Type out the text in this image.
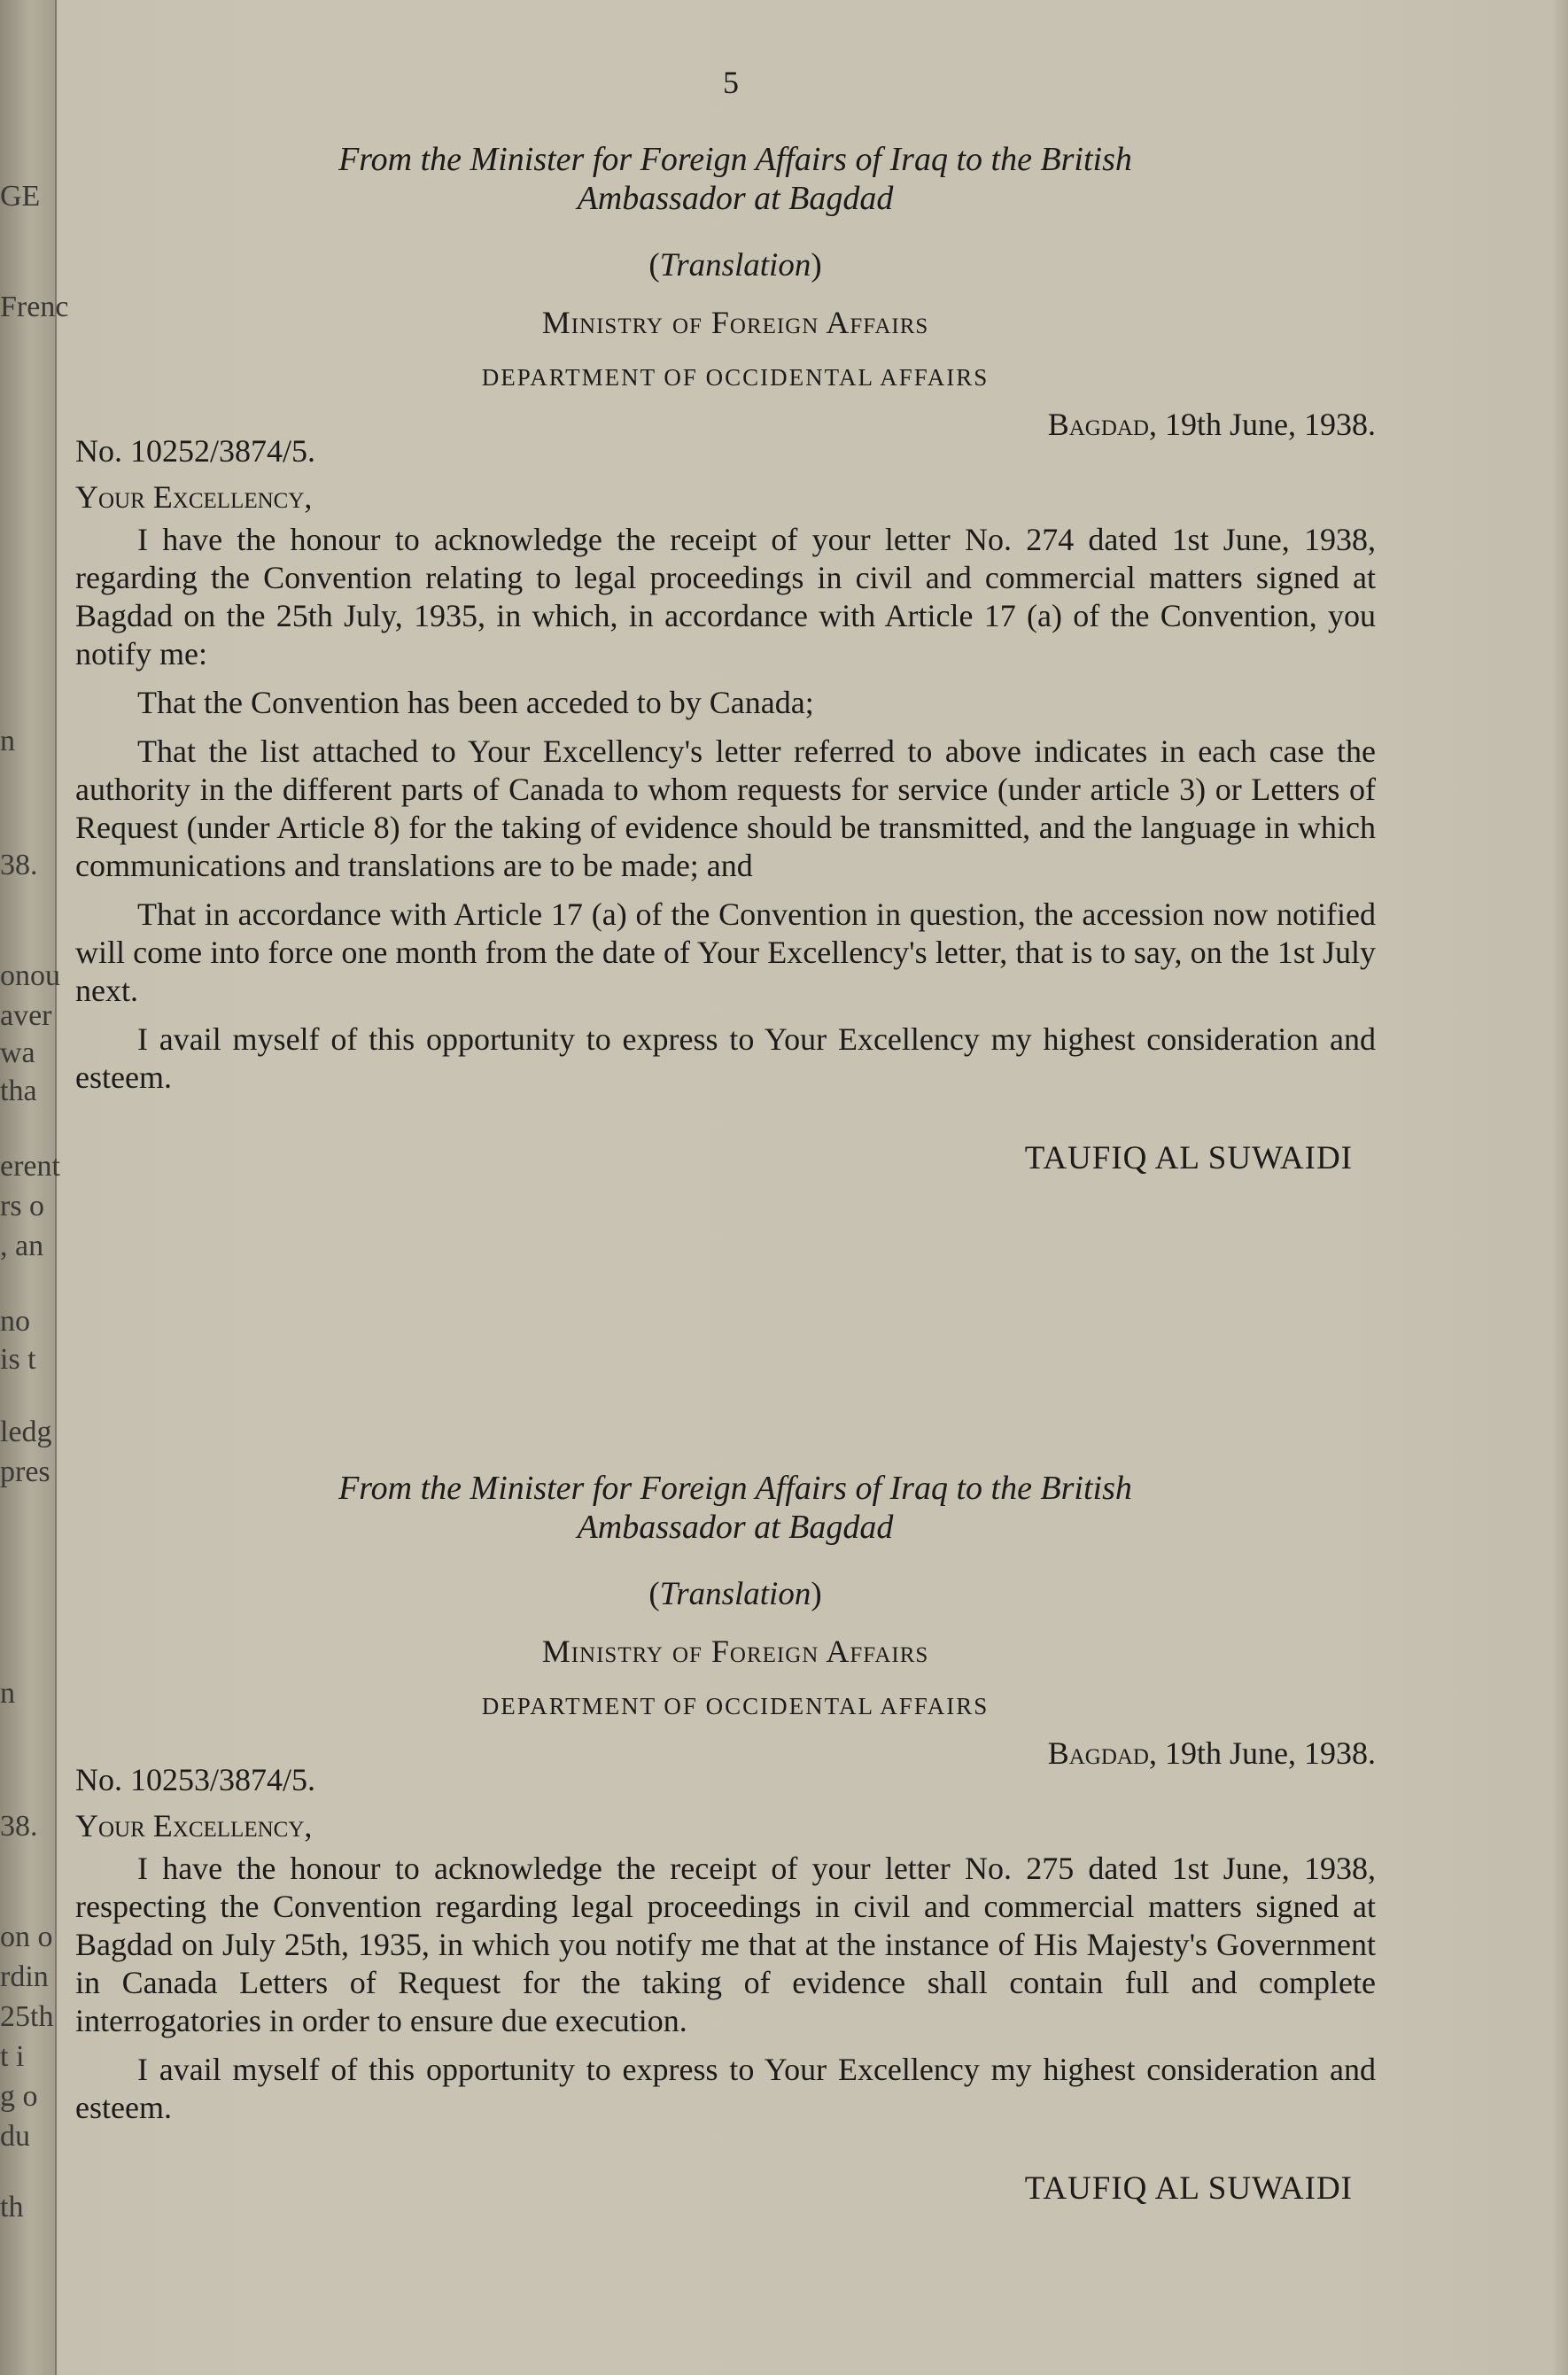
GE
Frenc
n
38.
onou
aver
wa
tha
erent
rs o
, an
no
is t
ledg
pres
n
38.
on o
rdin
25th
t i
g o
du
th
5
From the Minister for Foreign Affairs of Iraq to the British
Ambassador at Bagdad
(Translation)
Ministry of Foreign Affairs
DEPARTMENT OF OCCIDENTAL AFFAIRS
No. 10252/3874/5.
Bagdad, 19th June, 1938.
Your Excellency,

I have the honour to acknowledge the receipt of your letter No. 274 dated 1st June, 1938, regarding the Convention relating to legal proceedings in civil and commercial matters signed at Bagdad on the 25th July, 1935, in which, in accordance with Article 17 (a) of the Convention, you notify me:

That the Convention has been acceded to by Canada;

That the list attached to Your Excellency's letter referred to above indicates in each case the authority in the different parts of Canada to whom requests for service (under article 3) or Letters of Request (under Article 8) for the taking of evidence should be transmitted, and the language in which communications and translations are to be made; and

That in accordance with Article 17 (a) of the Convention in question, the accession now notified will come into force one month from the date of Your Excellency's letter, that is to say, on the 1st July next.

I avail myself of this opportunity to express to Your Excellency my highest consideration and esteem.

TAUFIQ AL SUWAIDI
From the Minister for Foreign Affairs of Iraq to the British
Ambassador at Bagdad
(Translation)
Ministry of Foreign Affairs
DEPARTMENT OF OCCIDENTAL AFFAIRS
No. 10253/3874/5.
Bagdad, 19th June, 1938.
Your Excellency,

I have the honour to acknowledge the receipt of your letter No. 275 dated 1st June, 1938, respecting the Convention regarding legal proceedings in civil and commercial matters signed at Bagdad on July 25th, 1935, in which you notify me that at the instance of His Majesty's Government in Canada Letters of Request for the taking of evidence shall contain full and complete interrogatories in order to ensure due execution.

I avail myself of this opportunity to express to Your Excellency my highest consideration and esteem.

TAUFIQ AL SUWAIDI
